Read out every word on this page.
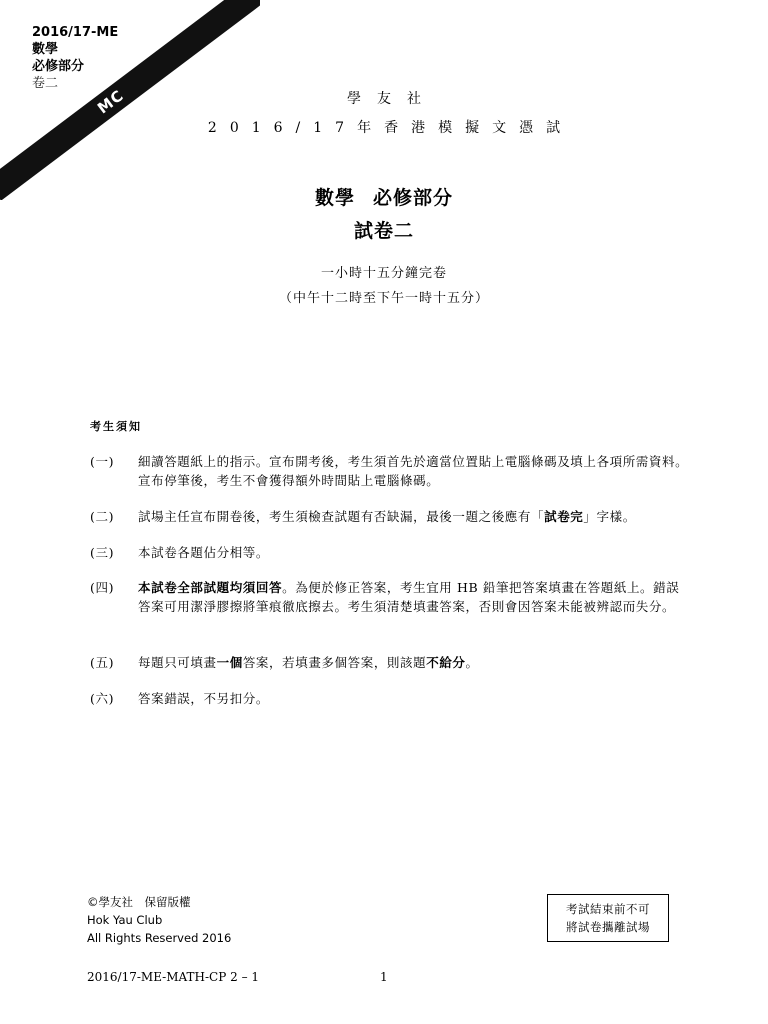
2016/17-ME
數學
必修部分
卷二
MC	學友社
2016/17年香港模擬文憑試
數學 必修部分
試卷二
一小時十五分鐘完卷
（中午十二時至下午一時十五分）
考生須知
(一)	細讀答題紙上的指示。宣布開考後，考生須首先於適當位置貼上電腦條碼及填上各項所需資料。宣布停筆後，考生不會獲得額外時間貼上電腦條碼。
(二)	試場主任宣布開卷後，考生須檢查試題有否缺漏，最後一題之後應有「試卷完」字樣。
(三)	本試卷各題佔分相等。
(四)	本試卷全部試題均須回答。為便於修正答案，考生宜用 HB 鉛筆把答案填畫在答題紙上。錯誤答案可用潔淨膠擦將筆痕徹底擦去。考生須清楚填畫答案，否則會因答案未能被辨認而失分。
(五)	每題只可填畫一個答案，若填畫多個答案，則該題不給分。
(六)	答案錯誤，不另扣分。
©學友社　保留版權
Hok Yau Club
All Rights Reserved 2016
考試結束前不可
將試卷攜離試場
2016/17-ME-MATH-CP 2 – 1	1
